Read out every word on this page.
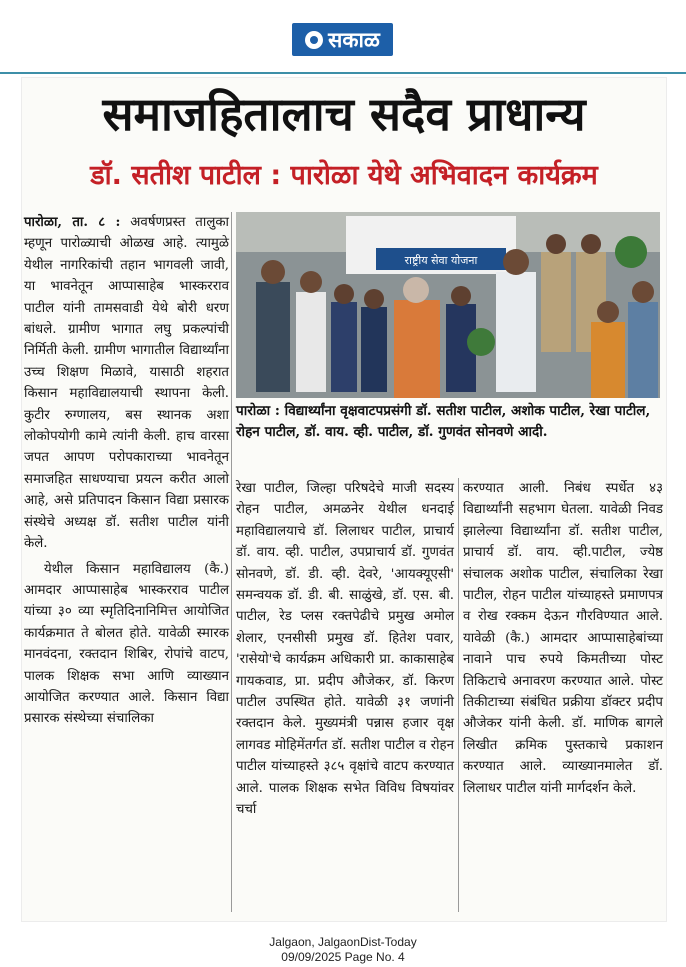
सकाळ
समाजहितालाच सदैव प्राधान्य
डॉ. सतीश पाटील : पारोळा येथे अभिवादन कार्यक्रम

पारोळा, ता. ८ : अवर्षणप्रस्त तालुका म्हणून पारोळ्याची ओळख आहे. त्यामुळे येथील नागरिकांची तहान भागवली जावी, या भावनेतून आप्पासाहेब भास्करराव पाटील यांनी तामसवाडी येथे बोरी धरण बांधले. ग्रामीण भागात लघु प्रकल्पांची निर्मिती केली. ग्रामीण भागातील विद्यार्थ्यांना उच्च शिक्षण मिळावे, यासाठी शहरात किसान महाविद्यालयाची स्थापना केली. कुटीर रुग्णालय, बस स्थानक अशा लोकोपयोगी कामे त्यांनी केली. हाच वारसा जपत आपण परोपकाराच्या भावनेतून समाजहित साधण्याचा प्रयत्न करीत आलो आहे, असे प्रतिपादन किसान विद्या प्रसारक संस्थेचे अध्यक्ष डॉ. सतीश पाटील यांनी केले.

येथील किसान महाविद्यालय (कै.) आमदार आप्पासाहेब भास्करराव पाटील यांच्या ३० व्या स्मृतिदिनानिमित्त आयोजित कार्यक्रमात ते बोलत होते. यावेळी स्मारक मानवंदना, रक्तदान शिबिर, रोपांचे वाटप, पालक शिक्षक सभा आणि व्याख्यान आयोजित करण्यात आले. किसान विद्या प्रसारक संस्थेच्या संचालिका

राष्ट्रीय सेवा योजना
पारोळा : विद्यार्थ्यांना वृक्षवाटपप्रसंगी डॉ. सतीश पाटील, अशोक पाटील, रेखा पाटील, रोहन पाटील, डॉ. वाय. व्ही. पाटील, डॉ. गुणवंत सोनवणे आदी.

रेखा पाटील, जिल्हा परिषदेचे माजी सदस्य रोहन पाटील, अमळनेर येथील धनदाई महाविद्यालयाचे डॉ. लिलाधर पाटील, प्राचार्य डॉ. वाय. व्ही. पाटील, उपप्राचार्य डॉ. गुणवंत सोनवणे, डॉ. डी. व्ही. देवरे, 'आयक्यूएसी' समन्वयक डॉ. डी. बी. साळुंखे, डॉ. एस. बी. पाटील, रेड प्लस रक्तपेढीचे प्रमुख अमोल शेलार, एनसीसी प्रमुख डॉ. हितेश पवार, 'रासेयो'चे कार्यक्रम अधिकारी प्रा. काकासाहेब गायकवाड, प्रा. प्रदीप औजेकर, डॉ. किरण पाटील उपस्थित होते. यावेळी ३१ जणांनी रक्तदान केले. मुख्यमंत्री पन्नास हजार वृक्ष लागवड मोहिमेंतर्गत डॉ. सतीश पाटील व रोहन पाटील यांच्याहस्ते ३८५ वृक्षांचे वाटप करण्यात आले. पालक शिक्षक सभेत विविध विषयांवर चर्चा

करण्यात आली. निबंध स्पर्धेत ४३ विद्यार्थ्यांनी सहभाग घेतला. यावेळी निवड झालेल्या विद्यार्थ्यांना डॉ. सतीश पाटील, प्राचार्य डॉ. वाय. व्ही.पाटील, ज्येष्ठ संचालक अशोक पाटील, संचालिका रेखा पाटील, रोहन पाटील यांच्याहस्ते प्रमाणपत्र व रोख रक्कम देऊन गौरविण्यात आले. यावेळी (कै.) आमदार आप्पासाहेबांच्या नावाने पाच रुपये किमतीच्या पोस्ट तिकिटाचे अनावरण करण्यात आले. पोस्ट तिकीटाच्या संबंधित प्रक्रीया डॉक्टर प्रदीप औजेकर यांनी केली. डॉ. माणिक बागले लिखीत क्रमिक पुस्तकाचे प्रकाशन करण्यात आले. व्याख्यानमालेत डॉ. लिलाधर पाटील यांनी मार्गदर्शन केले.

Jalgaon, JalgaonDist-Today
09/09/2025 Page No. 4
